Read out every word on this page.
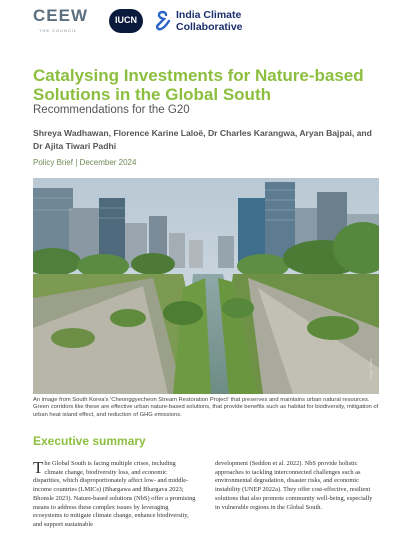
CEEW
THE COUNCIL
IUCN	India Climate
Collaborative
Catalysing Investments for Nature-based Solutions in the Global South
Recommendations for the G20
Shreya Wadhawan, Florence Karine Laloë, Dr Charles Karangwa, Aryan Bajpai, and Dr Ajita Tiwari Padhi
Policy Brief | December 2024
Image: iStock

An image from South Korea's 'Cheonggyecheon Stream Restoration Project' that preserves and maintains urban natural resources. Green corridors like these are effective urban nature-based solutions, that provide benefits such as habitat for biodiversity, mitigation of urban heat island effect, and reduction of GHG emissions.

Executive summary
The Global South is facing multiple crises, including climate change, biodiversity loss, and economic disparities, which disproportionately affect low- and middle-income countries (LMICs) (Bhargawa and Bhargava 2023; Bhonsle 2023). Nature-based solutions (NbS) offer a promising means to address these complex issues by leveraging ecosystems to mitigate climate change, enhance biodiversity, and support sustainable
development (Seddon et al. 2022). NbS provide holistic approaches to tackling interconnected challenges such as environmental degradation, disaster risks, and economic instability (UNEP 2022a). They offer cost-effective, resilient solutions that also promote community well-being, especially in vulnerable regions in the Global South.
